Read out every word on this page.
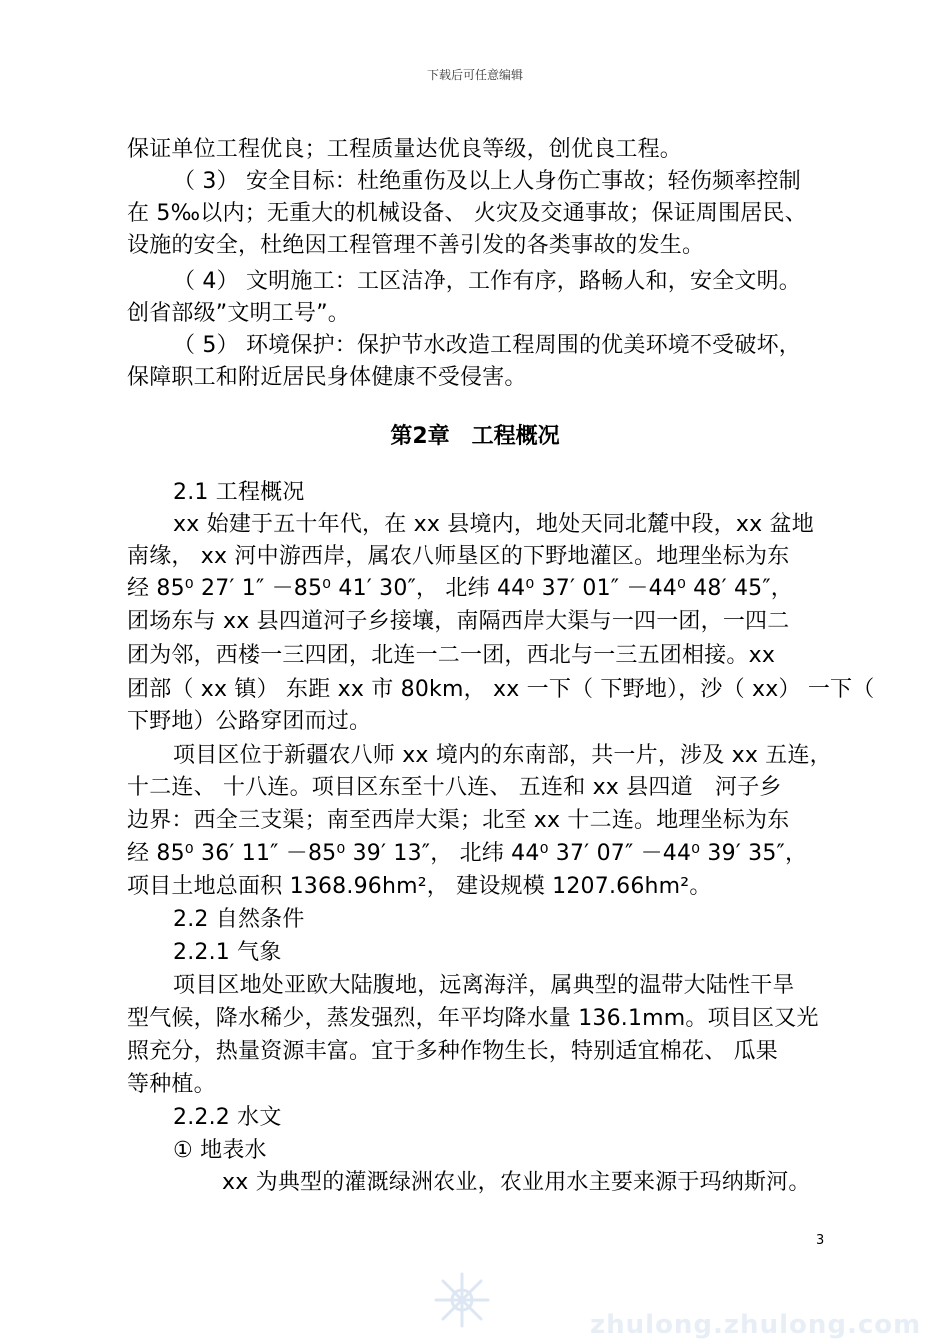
下载后可任意编辑
保证单位工程优良；工程质量达优良等级，创优良工程。
（ 3） 安全目标：杜绝重伤及以上人身伤亡事故；轻伤频率控制
在 5‰以内；无重大的机械设备、 火灾及交通事故；保证周围居民、
设施的安全，杜绝因工程管理不善引发的各类事故的发生。
（ 4） 文明施工：工区洁净，工作有序，路畅人和，安全文明。
创省部级”文明工号”。
（ 5） 环境保护：保护节水改造工程周围的优美环境不受破坏，
保障职工和附近居民身体健康不受侵害。
第2章　工程概况
2.1 工程概况
xx 始建于五十年代，在 xx 县境内，地处天同北麓中段，xx 盆地
南缘， xx 河中游西岸，属农八师垦区的下野地灌区。地理坐标为东
经 85⁰ 27′ 1″ －85⁰ 41′ 30″， 北纬 44⁰ 37′ 01″ －44⁰ 48′ 45″，
团场东与 xx 县四道河子乡接壤，南隔西岸大渠与一四一团，一四二
团为邻，西楼一三四团，北连一二一团，西北与一三五团相接。xx
团部（ xx 镇） 东距 xx 市 80km， xx 一下（ 下野地），沙（ xx） 一下（
下野地）公路穿团而过。
项目区位于新疆农八师 xx 境内的东南部，共一片，涉及 xx 五连，
十二连、 十八连。项目区东至十八连、 五连和 xx 县四道　河子乡
边界：西全三支渠；南至西岸大渠；北至 xx 十二连。地理坐标为东
经 85⁰ 36′ 11″ －85⁰ 39′ 13″， 北纬 44⁰ 37′ 07″ －44⁰ 39′ 35″，
项目土地总面积 1368.96hm²， 建设规模 1207.66hm²。
2.2 自然条件
2.2.1 气象
项目区地处亚欧大陆腹地，远离海洋，属典型的温带大陆性干旱
型气候，降水稀少，蒸发强烈，年平均降水量 136.1mm。项目区又光
照充分，热量资源丰富。宜于多种作物生长，特别适宜棉花、 瓜果
等种植。
2.2.2 水文
① 地表水
xx 为典型的灌溉绿洲农业，农业用水主要来源于玛纳斯河。
3
zhulong.zhulong.com
